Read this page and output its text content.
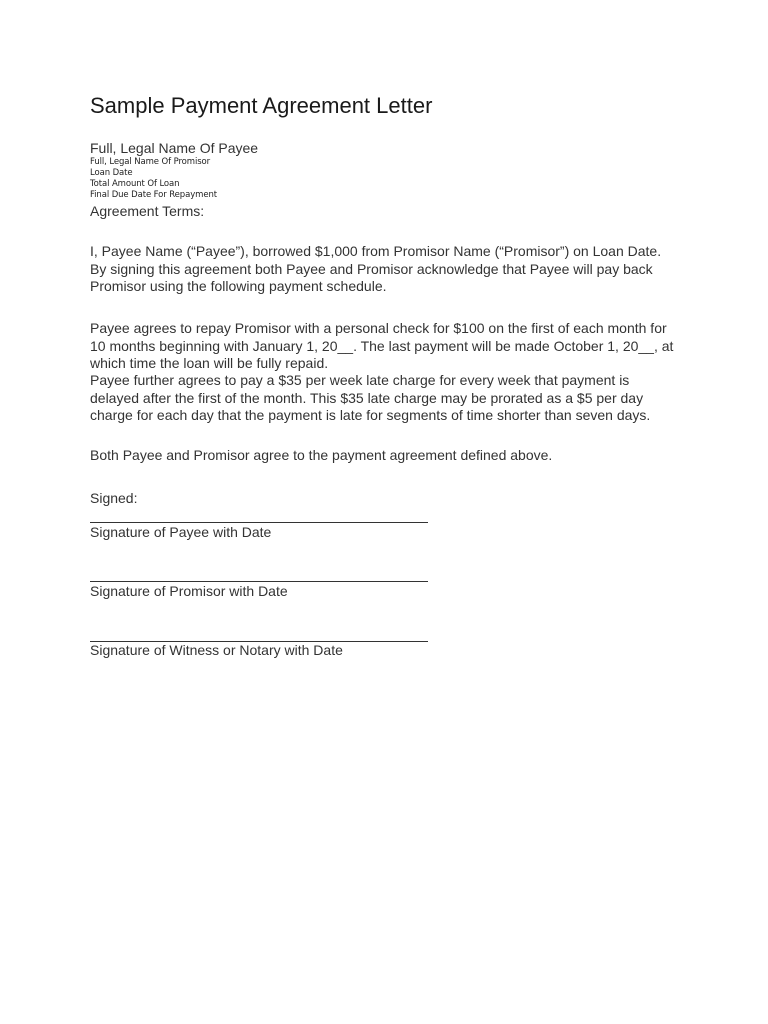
Sample Payment Agreement Letter
Full, Legal Name Of Payee
Full, Legal Name Of Promisor
Loan Date
Total Amount Of Loan
Final Due Date For Repayment
Agreement Terms:

I, Payee Name (“Payee”), borrowed $1,000 from Promisor Name (“Promisor”) on Loan Date. By signing this agreement both Payee and Promisor acknowledge that Payee will pay back Promisor using the following payment schedule.

Payee agrees to repay Promisor with a personal check for $100 on the first of each month for 10 months beginning with January 1, 20__. The last payment will be made October 1, 20__, at which time the loan will be fully repaid.

Payee further agrees to pay a $35 per week late charge for every week that payment is delayed after the first of the month. This $35 late charge may be prorated as a $5 per day charge for each day that the payment is late for segments of time shorter than seven days.

Both Payee and Promisor agree to the payment agreement defined above.

Signed:
Signature of Payee with Date
Signature of Promisor with Date
Signature of Witness or Notary with Date
